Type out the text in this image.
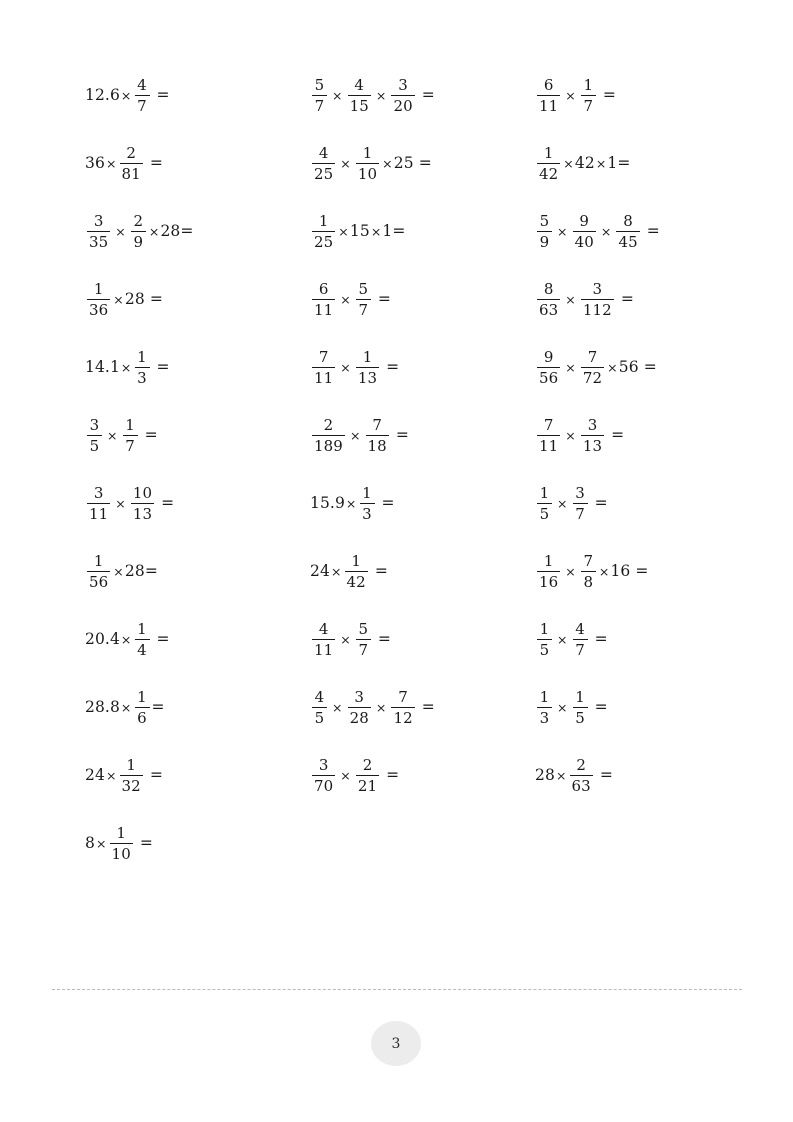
$12.6 \times \frac{4}{7}$ =	$\frac{5}{7} \times \frac{4}{15} \times \frac{3}{20}$ =	$\frac{6}{11} \times \frac{1}{7}$ =
$36 \times \frac{2}{81}$ =	$\frac{4}{25} \times \frac{1}{10} \times 25$ =	$\frac{1}{42} \times 42 \times 1$ =
$\frac{3}{35} \times \frac{2}{9} \times 28$ =	$\frac{1}{25} \times 15 \times 1$ =	$\frac{5}{9} \times \frac{9}{40} \times \frac{8}{45}$ =
$\frac{1}{36} \times 28$ =	$\frac{6}{11} \times \frac{5}{7}$ =	$\frac{8}{63} \times \frac{3}{112}$ =
$14.1 \times \frac{1}{3}$ =	$\frac{7}{11} \times \frac{1}{13}$ =	$\frac{9}{56} \times \frac{7}{72} \times 56$ =
$\frac{3}{5} \times \frac{1}{7}$ =	$\frac{2}{189} \times \frac{7}{18}$ =	$\frac{7}{11} \times \frac{3}{13}$ =
$\frac{3}{11} \times \frac{10}{13}$ =	$15.9 \times \frac{1}{3}$ =	$\frac{1}{5} \times \frac{3}{7}$ =
$\frac{1}{56} \times 28$ =	$24 \times \frac{1}{42}$ =	$\frac{1}{16} \times \frac{7}{8} \times 16$ =
$20.4 \times \frac{1}{4}$ =	$\frac{4}{11} \times \frac{5}{7}$ =	$\frac{1}{5} \times \frac{4}{7}$ =
$28.8 \times \frac{1}{6}$ =	$\frac{4}{5} \times \frac{3}{28} \times \frac{7}{12}$ =	$\frac{1}{3} \times \frac{1}{5}$ =
$24 \times \frac{1}{32}$ =	$\frac{3}{70} \times \frac{2}{21}$ =	$28 \times \frac{2}{63}$ =
$8 \times \frac{1}{10}$ =
3
